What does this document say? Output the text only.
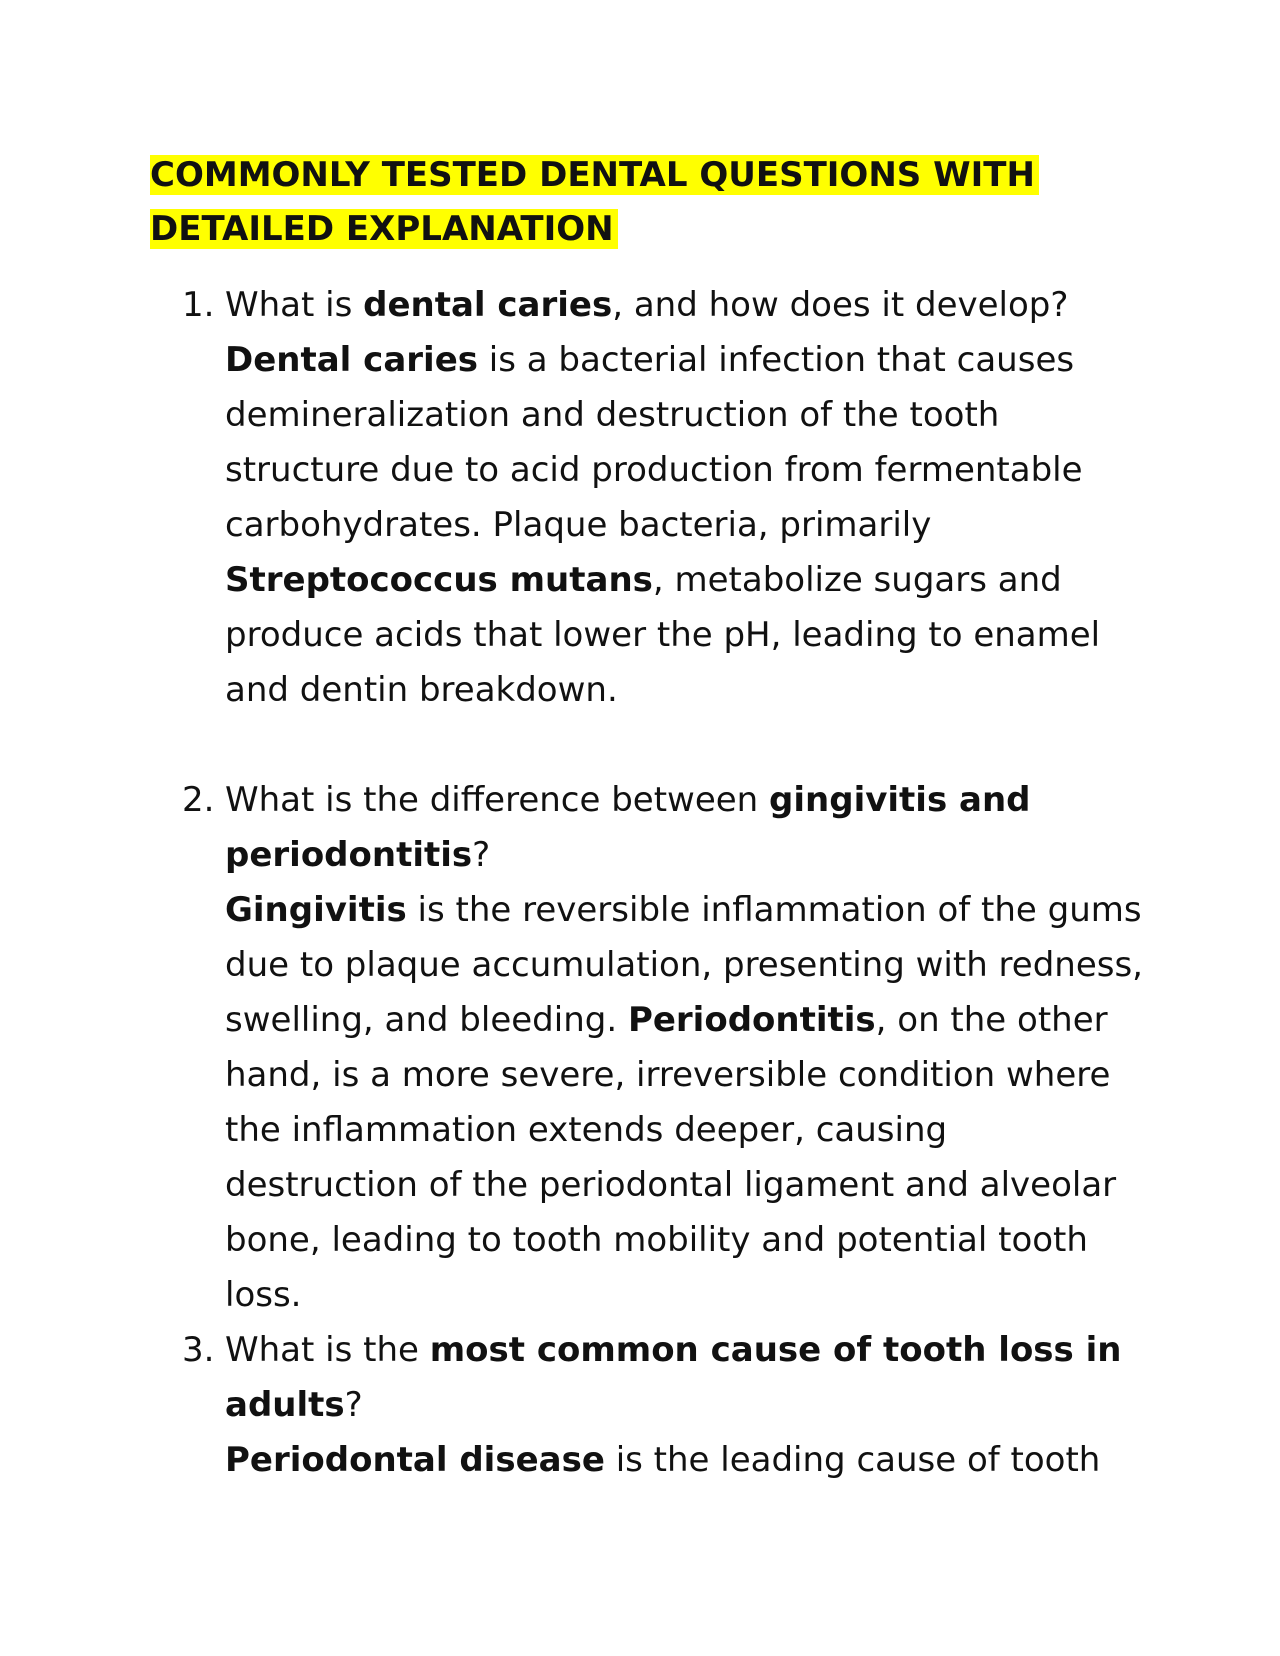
COMMONLY TESTED DENTAL QUESTIONS WITH
DETAILED EXPLANATION
1. What is dental caries, and how does it develop?

Dental caries is a bacterial infection that causes demineralization and destruction of the tooth structure due to acid production from fermentable carbohydrates. Plaque bacteria, primarily Streptococcus mutans, metabolize sugars and produce acids that lower the pH, leading to enamel and dentin breakdown.

2. What is the difference between gingivitis and periodontitis?

Gingivitis is the reversible inflammation of the gums due to plaque accumulation, presenting with redness, swelling, and bleeding. Periodontitis, on the other hand, is a more severe, irreversible condition where the inflammation extends deeper, causing destruction of the periodontal ligament and alveolar bone, leading to tooth mobility and potential tooth loss.

3. What is the most common cause of tooth loss in adults?

Periodontal disease is the leading cause of tooth
